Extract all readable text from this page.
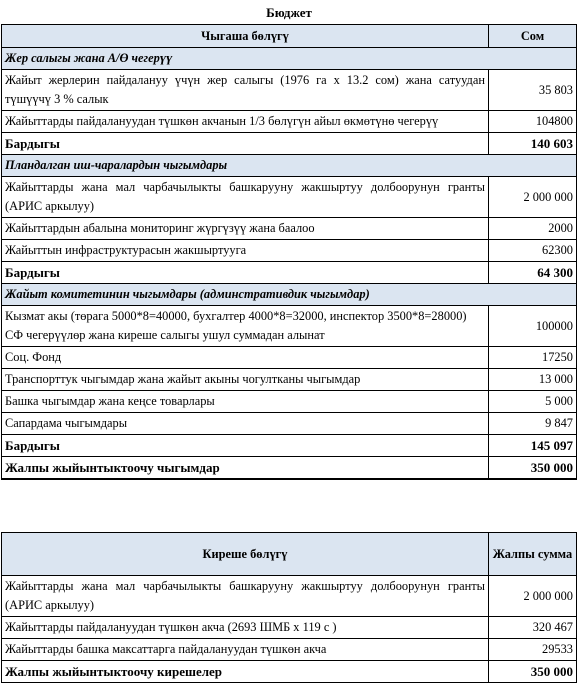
Бюджет
Чыгаша бөлүгү	Сом
Жер салыгы жана А/Ө чегерүү	
Жайыт жерлерин пайдалануу үчүн жер салыгы (1976 га х 13.2 сом) жана сатуудан түшүүчү 3 % салык	35 803
Жайыттарды пайдалануудан түшкөн акчанын 1/3 бөлүгүн айыл өкмөтүнө чегерүү	104800
Бардыгы	140 603
Пландалган иш-чаралардын чыгымдары	
Жайыттарды жана мал чарбачылыкты башкарууну жакшыртуу долбоорунун гранты (АРИС аркылуу)	2 000 000
Жайыттардын абалына мониторинг жүргүзүү жана баалоо	2000
Жайыттын инфраструктурасын жакшыртууга	62300
Бардыгы	64 300
Жайыт комитетинин чыгымдары (админстративдик чыгымдар)	

Кызмат акы (төрага 5000*8=40000, бухгалтер 4000*8=32000, инспектор 3500*8=28000)
СФ чегерүүлөр жана киреше салыгы ушул суммадан алынат	100000
Соц. Фонд	17250
Транспорттук чыгымдар жана жайыт акыны чогултканы чыгымдар	13 000
Башка чыгымдар жана кеңсе товарлары	5 000
Сапардама чыгымдары	9 847
Бардыгы	145 097
Жалпы жыйынтыктоочу чыгымдар	350 000
Киреше бөлүгү	Жалпы сумма
Жайыттарды жана мал чарбачылыкты башкарууну жакшыртуу долбоорунун гранты (АРИС аркылуу)	2 000 000
Жайыттарды пайдалануудан түшкөн акча (2693 ШМБ х 119 с )	320 467
Жайыттарды башка максаттарга пайдалануудан түшкөн акча	29533
Жалпы жыйынтыктоочу кирешелер	350 000
